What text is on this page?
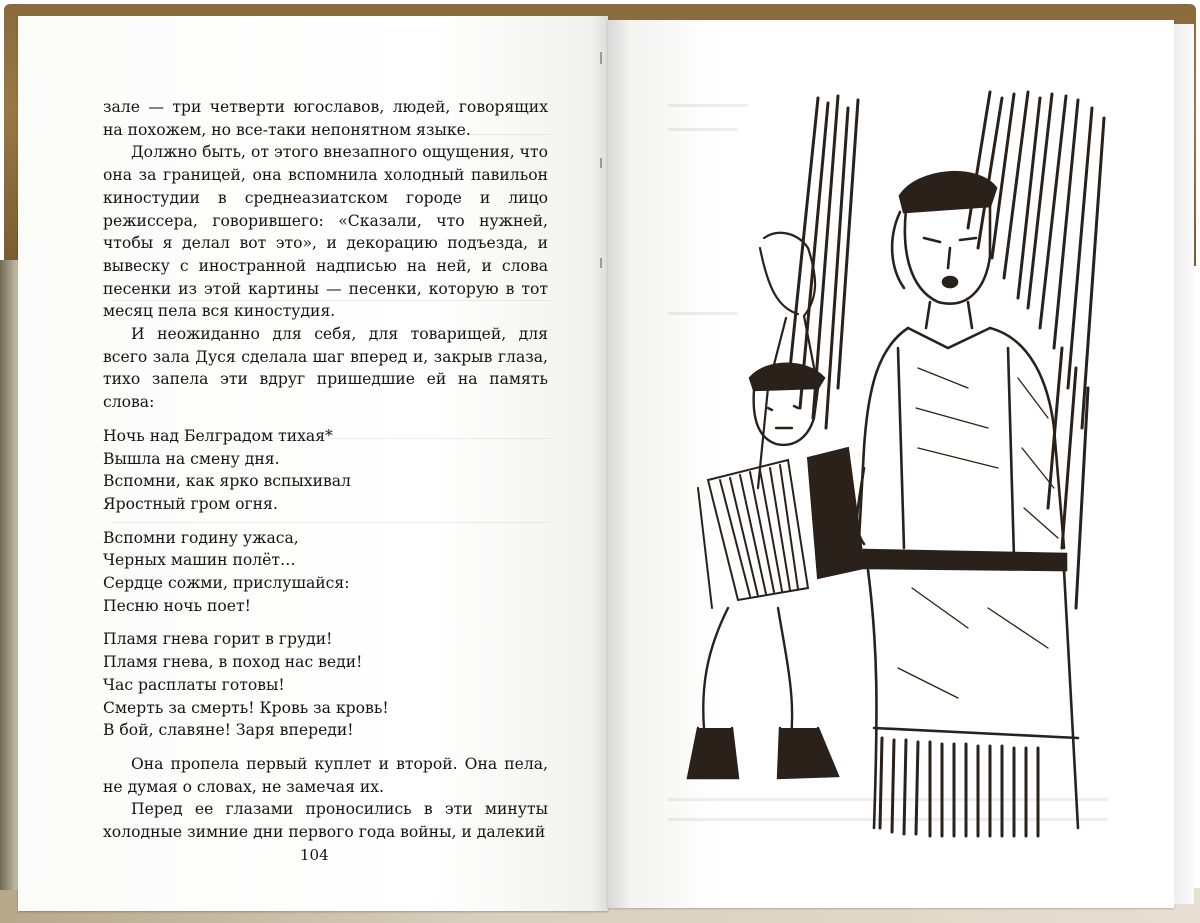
зале — три четверти югославов, людей, говорящих на похожем, но все-таки непонятном языке.

Должно быть, от этого внезапного ощущения, что она за границей, она вспомнила холодный павильон киностудии в среднеазиатском городе и лицо режиссера, говорившего: «Сказали, что нужней, чтобы я делал вот это», и декорацию подъезда, и вывеску с иностранной надписью на ней, и слова песенки из этой картины — песенки, которую в тот месяц пела вся киностудия.

И неожиданно для себя, для товарищей, для всего зала Дуся сделала шаг вперед и, закрыв глаза, тихо запела эти вдруг пришедшие ей на память слова:

Ночь над Белградом тихая*
Вышла на смену дня.
Вспомни, как ярко вспыхивал
Яростный гром огня.
Вспомни годину ужаса,
Черных машин полёт…
Сердце сожми, прислушайся:
Песню ночь поет!
Пламя гнева горит в груди!
Пламя гнева, в поход нас веди!
Час расплаты готовы!
Смерть за смерть! Кровь за кровь!
В бой, славяне! Заря впереди!

Она пропела первый куплет и второй. Она пела, не думая о словах, не замечая их.

Перед ее глазами проносились в эти минуты холодные зимние дни первого года войны, и далекий

104
